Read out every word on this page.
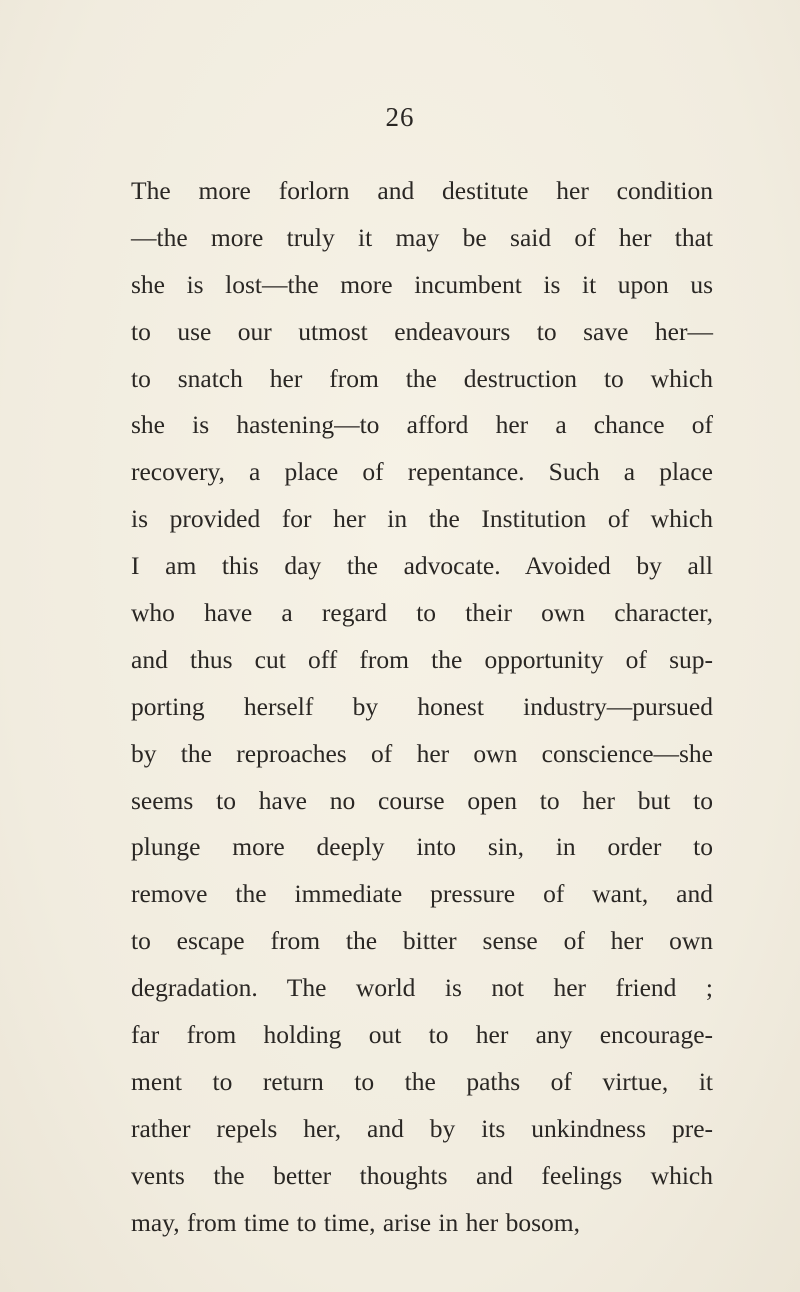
26
The more forlorn and destitute her condition
—the more truly it may be said of her that
she is lost—the more incumbent is it upon us
to use our utmost endeavours to save her—
to snatch her from the destruction to which
she is hastening—to afford her a chance of
recovery, a place of repentance. Such a place
is provided for her in the Institution of which
I am this day the advocate. Avoided by all
who have a regard to their own character,
and thus cut off from the opportunity of sup-
porting herself by honest industry—pursued
by the reproaches of her own conscience—she
seems to have no course open to her but to
plunge more deeply into sin, in order to
remove the immediate pressure of want, and
to escape from the bitter sense of her own
degradation. The world is not her friend ;
far from holding out to her any encourage-
ment to return to the paths of virtue, it
rather repels her, and by its unkindness pre-
vents the better thoughts and feelings which
may, from time to time, arise in her bosom,
